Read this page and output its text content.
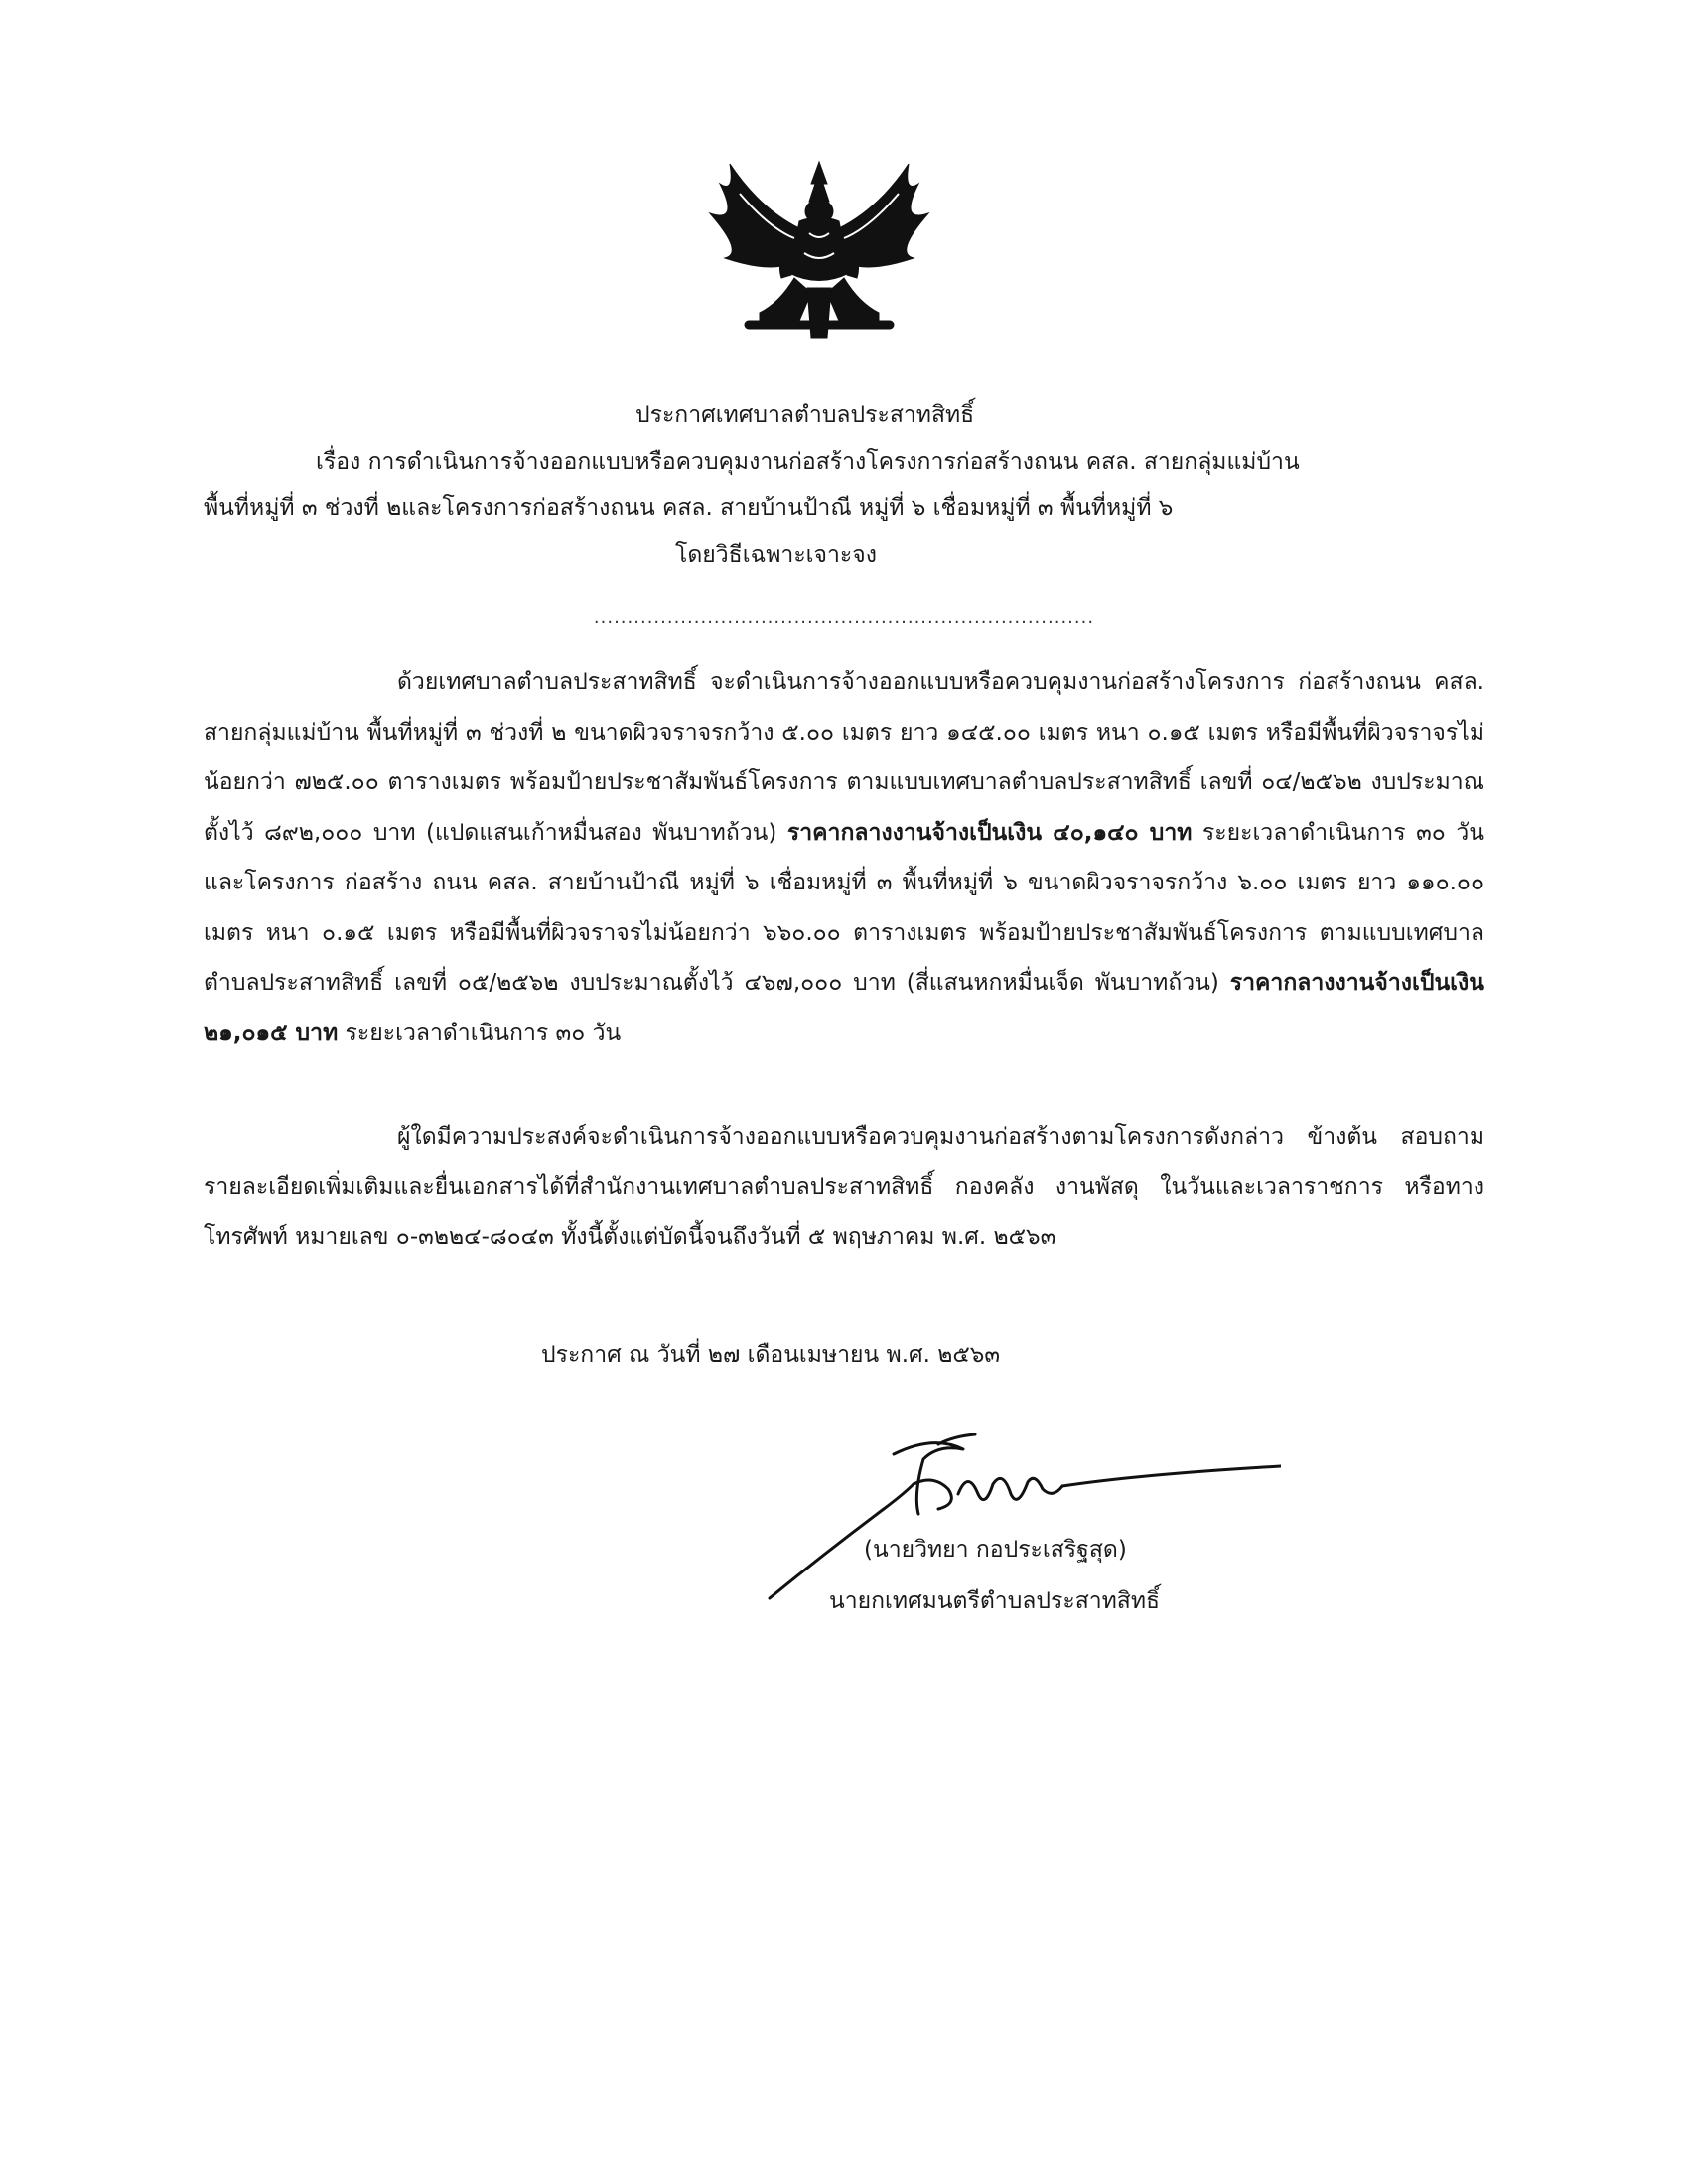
ประกาศเทศบาลตำบลประสาทสิทธิ์
เรื่อง การดำเนินการจ้างออกแบบหรือควบคุมงานก่อสร้างโครงการก่อสร้างถนน คสล. สายกลุ่มแม่บ้าน
พื้นที่หมู่ที่ ๓ ช่วงที่ ๒และโครงการก่อสร้างถนน คสล. สายบ้านป้าณี หมู่ที่ ๖ เชื่อมหมู่ที่ ๓ พื้นที่หมู่ที่ ๖
โดยวิธีเฉพาะเจาะจง
...........................................................................
ด้วยเทศบาลตำบลประสาทสิทธิ์ จะดำเนินการจ้างออกแบบหรือควบคุมงานก่อสร้างโครงการ ก่อสร้างถนน คสล. สายกลุ่มแม่บ้าน พื้นที่หมู่ที่ ๓ ช่วงที่ ๒ ขนาดผิวจราจรกว้าง ๕.๐๐ เมตร ยาว ๑๔๕.๐๐ เมตร หนา ๐.๑๕ เมตร หรือมีพื้นที่ผิวจราจรไม่น้อยกว่า ๗๒๕.๐๐ ตารางเมตร พร้อมป้ายประชาสัมพันธ์โครงการ ตามแบบเทศบาลตำบลประสาทสิทธิ์ เลขที่ ๐๔/๒๕๖๒ งบประมาณตั้งไว้ ๘๙๒,๐๐๐ บาท (แปดแสนเก้าหมื่นสอง พันบาทถ้วน) ราคากลางงานจ้างเป็นเงิน ๔๐,๑๔๐ บาท ระยะเวลาดำเนินการ ๓๐ วัน และโครงการ ก่อสร้าง ถนน คสล. สายบ้านป้าณี หมู่ที่ ๖ เชื่อมหมู่ที่ ๓ พื้นที่หมู่ที่ ๖ ขนาดผิวจราจรกว้าง ๖.๐๐ เมตร ยาว ๑๑๐.๐๐ เมตร หนา ๐.๑๕ เมตร หรือมีพื้นที่ผิวจราจรไม่น้อยกว่า ๖๖๐.๐๐ ตารางเมตร พร้อมป้ายประชาสัมพันธ์โครงการ ตามแบบเทศบาลตำบลประสาทสิทธิ์ เลขที่ ๐๕/๒๕๖๒ งบประมาณตั้งไว้ ๔๖๗,๐๐๐ บาท (สี่แสนหกหมื่นเจ็ด พันบาทถ้วน) ราคากลางงานจ้างเป็นเงิน ๒๑,๐๑๕ บาท ระยะเวลาดำเนินการ ๓๐ วัน
ผู้ใดมีความประสงค์จะดำเนินการจ้างออกแบบหรือควบคุมงานก่อสร้างตามโครงการดังกล่าว ข้างต้น สอบถามรายละเอียดเพิ่มเติมและยื่นเอกสารได้ที่สำนักงานเทศบาลตำบลประสาทสิทธิ์ กองคลัง งานพัสดุ ในวันและเวลาราชการ หรือทางโทรศัพท์ หมายเลข ๐-๓๒๒๔-๘๐๔๓ ทั้งนี้ตั้งแต่บัดนี้จนถึงวันที่ ๕ พฤษภาคม พ.ศ. ๒๕๖๓
ประกาศ ณ วันที่ ๒๗ เดือนเมษายน พ.ศ. ๒๕๖๓
(นายวิทยา กอประเสริฐสุด)
นายกเทศมนตรีตำบลประสาทสิทธิ์
